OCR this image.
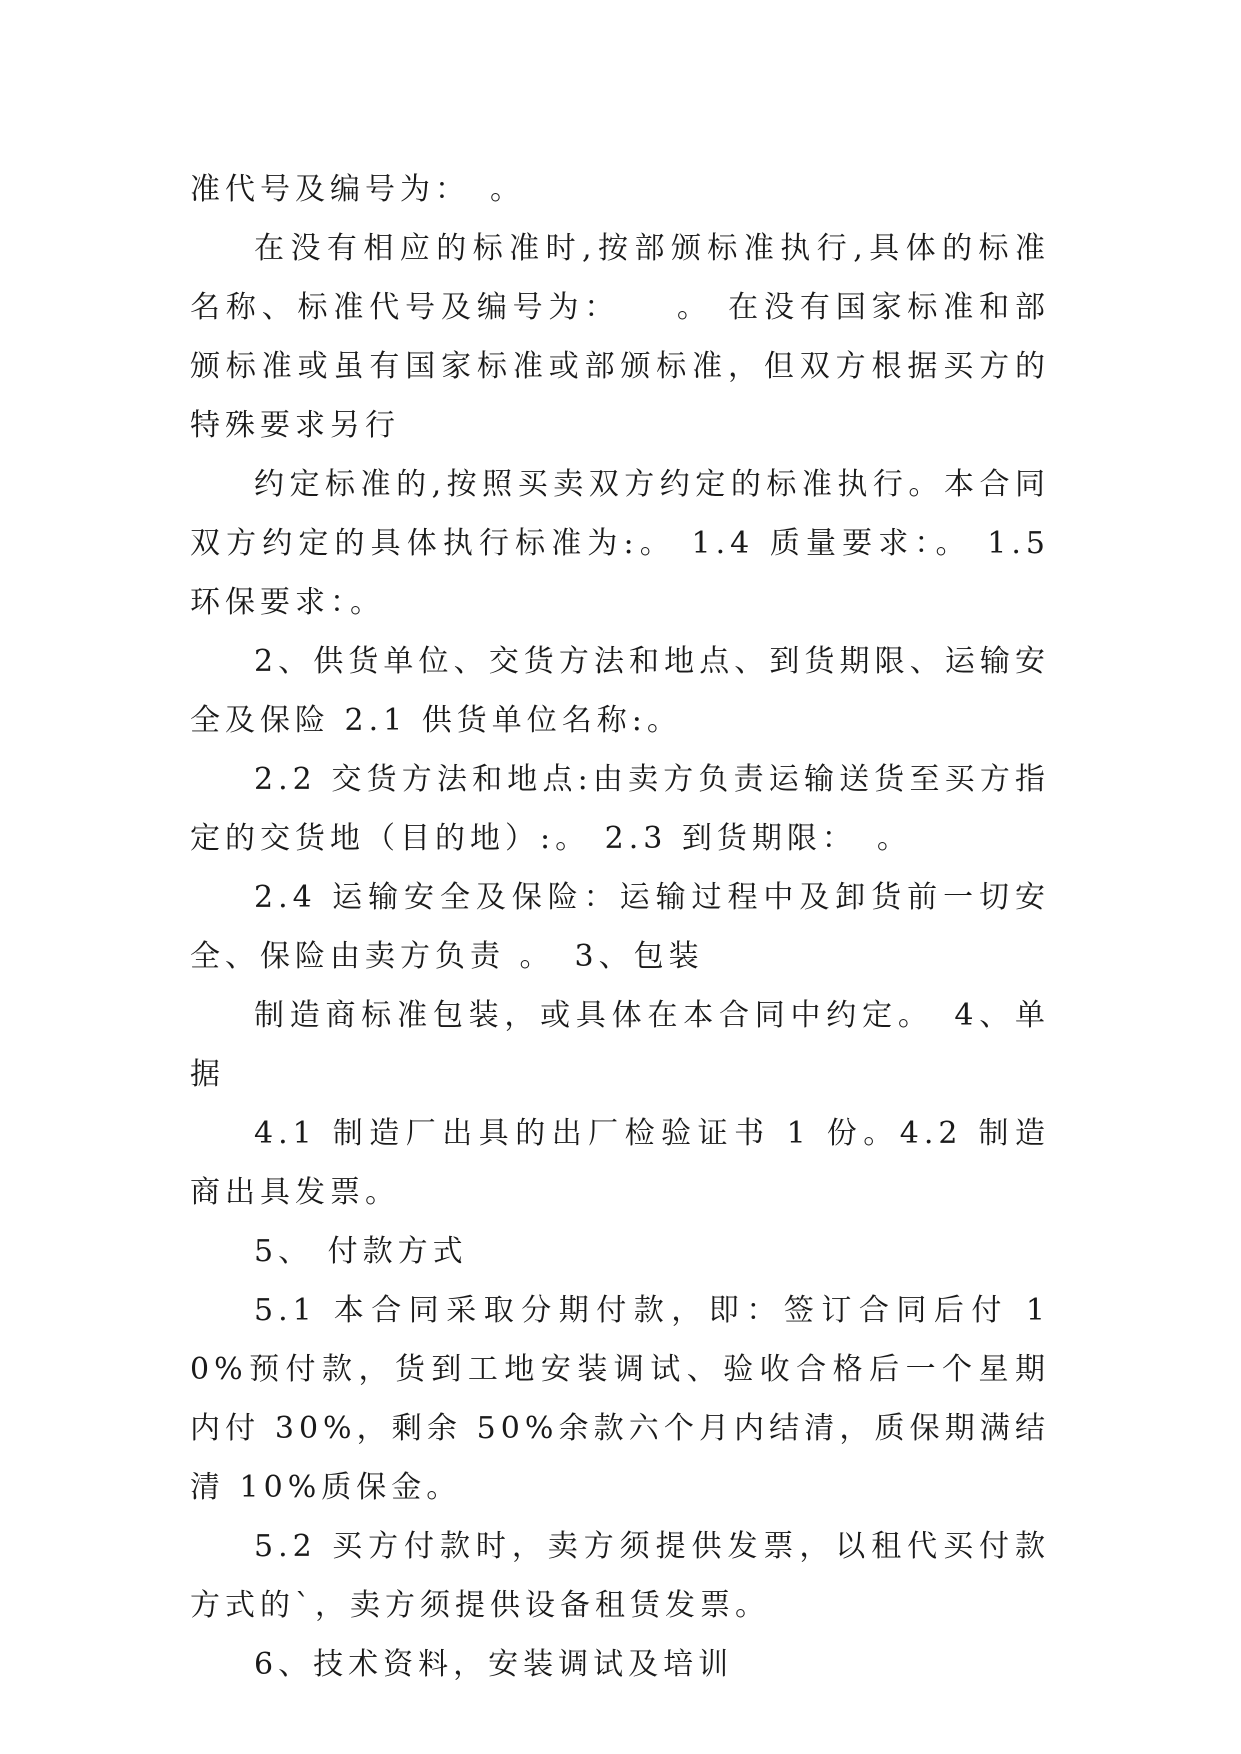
准代号及编号为：　。

在没有相应的标准时,按部颁标准执行,具体的标准名称、标准代号及编号为：　　。 在没有国家标准和部颁标准或虽有国家标准或部颁标准，但双方根据买方的特殊要求另行

约定标准的,按照买卖双方约定的标准执行。本合同双方约定的具体执行标准为:。 1.4 质量要求：。 1.5 环保要求：。

2、供货单位、交货方法和地点、到货期限、运输安全及保险 2.1 供货单位名称:。

2.2 交货方法和地点:由卖方负责运输送货至买方指定的交货地（目的地）:。 2.3 到货期限：　。

2.4 运输安全及保险：运输过程中及卸货前一切安全、保险由卖方负责 。　3、包装

制造商标准包装，或具体在本合同中约定。　4、单据

4.1 制造厂出具的出厂检验证书 1 份。4.2 制造商出具发票。

5、 付款方式

5.1 本合同采取分期付款，即：签订合同后付 10%预付款，货到工地安装调试、验收合格后一个星期内付 30%，剩余 50%余款六个月内结清，质保期满结清 10%质保金。

5.2 买方付款时，卖方须提供发票，以租代买付款方式的`，卖方须提供设备租赁发票。

6、技术资料，安装调试及培训
